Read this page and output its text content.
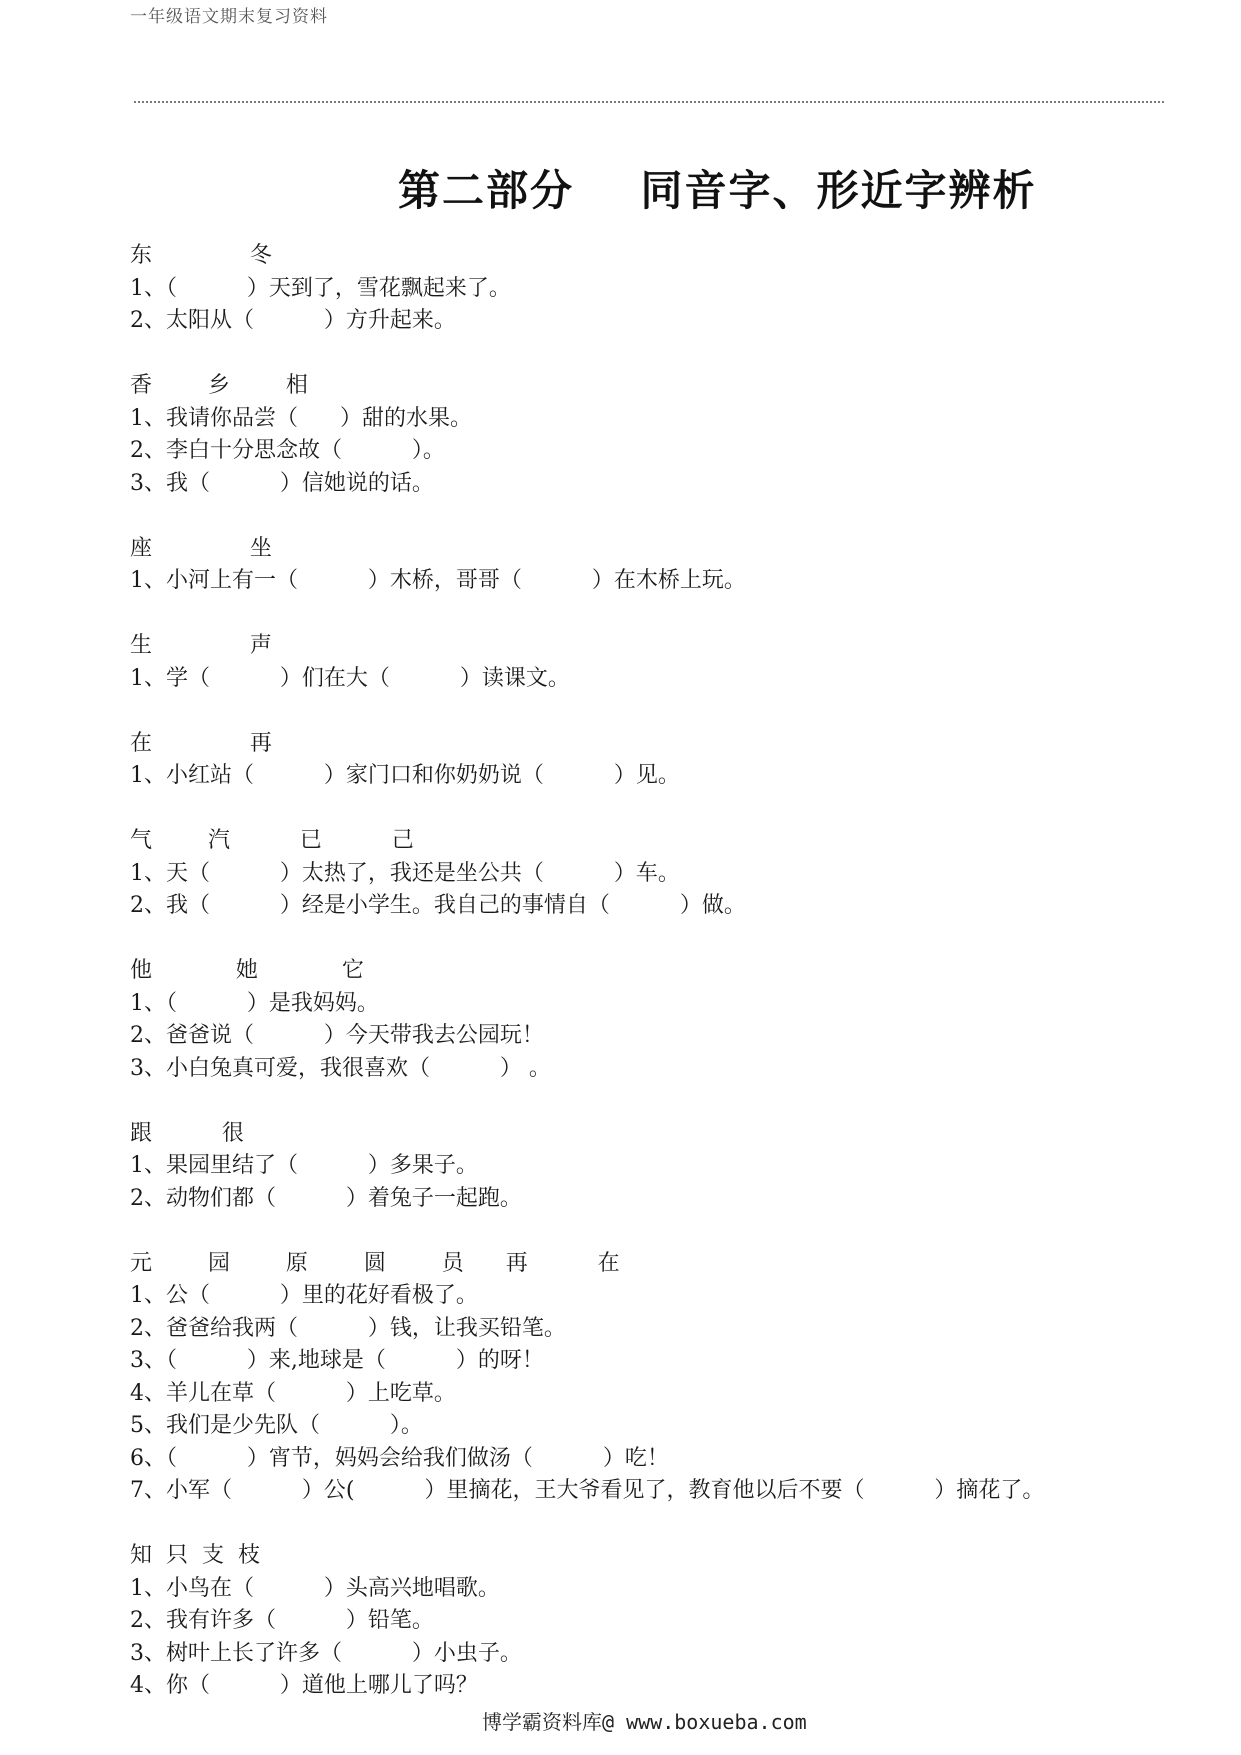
一年级语文期末复习资料
第二部分    同音字、形近字辨析
东              冬
1、（          ）天到了，雪花飘起来了。
2、太阳从（          ）方升起来。
香        乡        相
1、我请你品尝（      ）甜的水果。
2、李白十分思念故（          ）。
3、我（          ）信她说的话。
座              坐
1、小河上有一（          ）木桥，哥哥（          ）在木桥上玩。
生              声
1、学（          ）们在大（          ）读课文。
在              再
1、小红站（          ）家门口和你奶奶说（          ）见。
气        汽          已          己
1、天（          ）太热了，我还是坐公共（          ）车。
2、我（          ）经是小学生。我自己的事情自（          ）做。
他            她            它
1、（          ）是我妈妈。
2、爸爸说（          ）今天带我去公园玩！
3、小白兔真可爱，我很喜欢（          ） 。
跟          很
1、果园里结了（          ）多果子。
2、动物们都（          ）着兔子一起跑。
元        园        原        圆        员      再          在
1、公（          ）里的花好看极了。
2、爸爸给我两（          ）钱，让我买铅笔。
3、（          ）来,地球是（          ）的呀！
4、羊儿在草（          ）上吃草。
5、我们是少先队（          ）。
6、（          ）宵节，妈妈会给我们做汤（          ）吃！
7、小军（          ）公(          ）里摘花，王大爷看见了，教育他以后不要（          ）摘花了。
知  只  支  枝
1、小鸟在（          ）头高兴地唱歌。
2、我有许多（          ）铅笔。
3、树叶上长了许多（          ）小虫子。
4、你（          ）道他上哪儿了吗？
博学霸资料库@ www.boxueba.com
